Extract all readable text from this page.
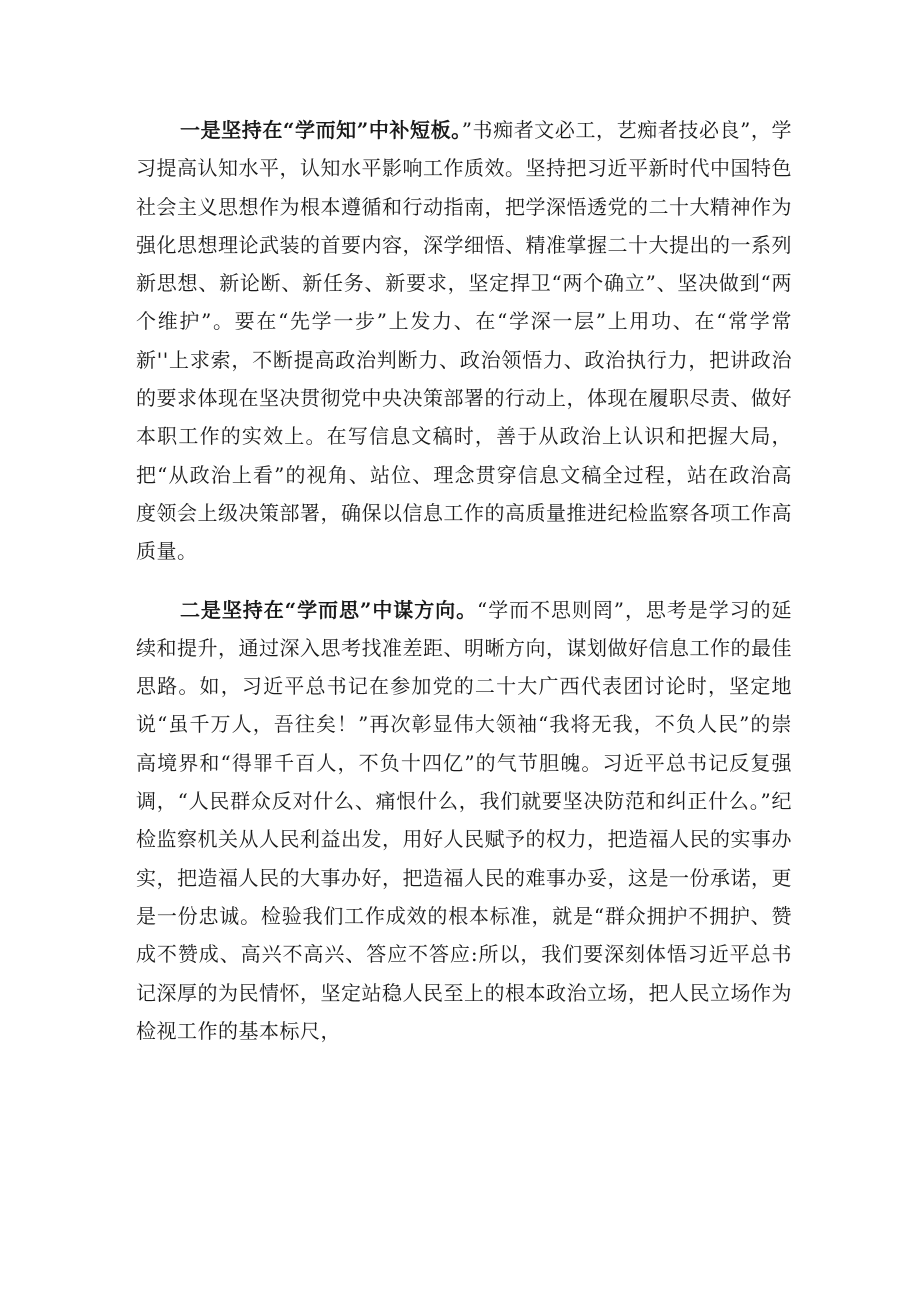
一是坚持在“学而知”中补短板。”书痴者文必工，艺痴者技必良”，学习提高认知水平，认知水平影响工作质效。坚持把习近平新时代中国特色社会主义思想作为根本遵循和行动指南，把学深悟透党的二十大精神作为强化思想理论武装的首要内容，深学细悟、精准掌握二十大提出的一系列新思想、新论断、新任务、新要求，坚定捍卫“两个确立”、坚决做到“两个维护”。要在“先学一步”上发力、在“学深一层”上用功、在“常学常新''上求索，不断提高政治判断力、政治领悟力、政治执行力，把讲政治的要求体现在坚决贯彻党中央决策部署的行动上，体现在履职尽责、做好本职工作的实效上。在写信息文稿时，善于从政治上认识和把握大局，把“从政治上看”的视角、站位、理念贯穿信息文稿全过程，站在政治高度领会上级决策部署，确保以信息工作的高质量推进纪检监察各项工作高质量。

二是坚持在“学而思”中谋方向。“学而不思则罔”，思考是学习的延续和提升，通过深入思考找准差距、明晰方向，谋划做好信息工作的最佳思路。如，习近平总书记在参加党的二十大广西代表团讨论时，坚定地说“虽千万人，吾往矣！”再次彰显伟大领袖“我将无我，不负人民”的崇高境界和“得罪千百人，不负十四亿”的气节胆魄。习近平总书记反复强调，“人民群众反对什么、痛恨什么，我们就要坚决防范和纠正什么。”纪检监察机关从人民利益出发，用好人民赋予的权力，把造福人民的实事办实，把造福人民的大事办好，把造福人民的难事办妥，这是一份承诺，更是一份忠诚。检验我们工作成效的根本标准，就是“群众拥护不拥护、赞成不赞成、高兴不高兴、答应不答应:所以，我们要深刻体悟习近平总书记深厚的为民情怀，坚定站稳人民至上的根本政治立场，把人民立场作为检视工作的基本标尺，
